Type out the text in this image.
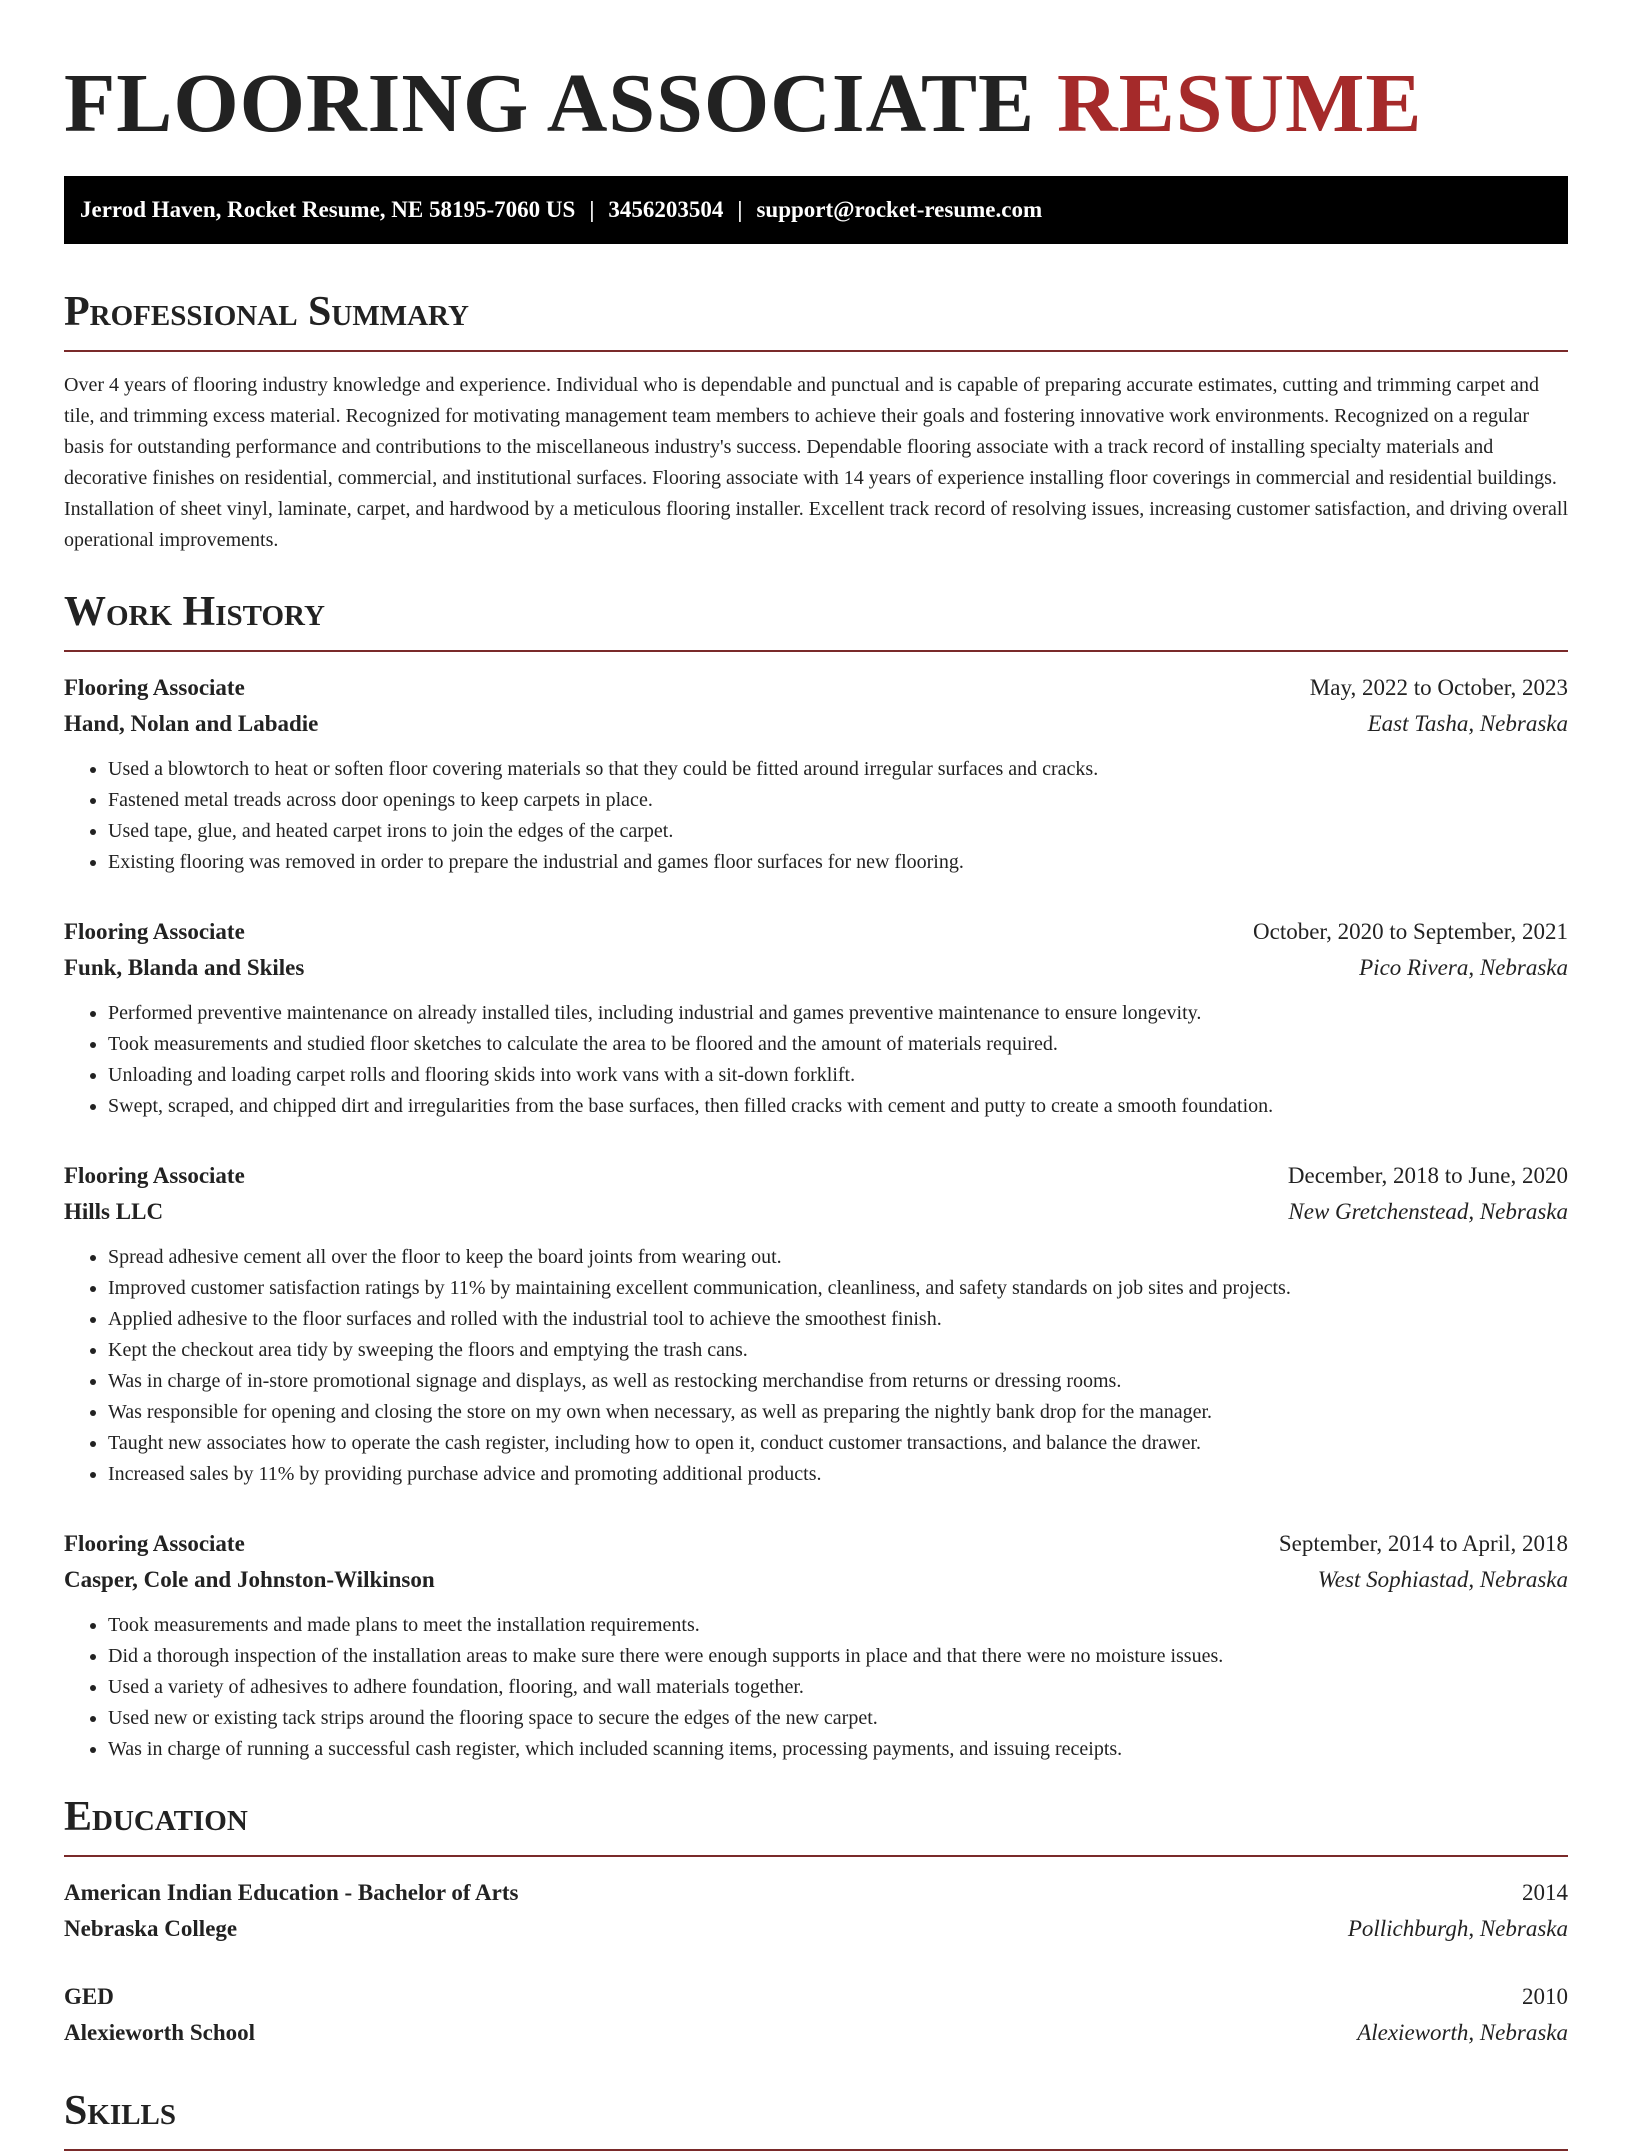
FLOORING ASSOCIATE RESUME
Jerrod Haven, Rocket Resume, NE 58195-7060 US | 3456203504 | support@rocket-resume.com
Professional Summary

Over 4 years of flooring industry knowledge and experience. Individual who is dependable and punctual and is capable of preparing accurate estimates, cutting and trimming carpet and tile, and trimming excess material. Recognized for motivating management team members to achieve their goals and fostering innovative work environments. Recognized on a regular basis for outstanding performance and contributions to the miscellaneous industry's success. Dependable flooring associate with a track record of installing specialty materials and decorative finishes on residential, commercial, and institutional surfaces. Flooring associate with 14 years of experience installing floor coverings in commercial and residential buildings. Installation of sheet vinyl, laminate, carpet, and hardwood by a meticulous flooring installer. Excellent track record of resolving issues, increasing customer satisfaction, and driving overall operational improvements.

Work History
Flooring Associate	May, 2022 to October, 2023
Hand, Nolan and Labadie	East Tasha, Nebraska
• Used a blowtorch to heat or soften floor covering materials so that they could be fitted around irregular surfaces and cracks.
• Fastened metal treads across door openings to keep carpets in place.
• Used tape, glue, and heated carpet irons to join the edges of the carpet.
• Existing flooring was removed in order to prepare the industrial and games floor surfaces for new flooring.
Flooring Associate	October, 2020 to September, 2021
Funk, Blanda and Skiles	Pico Rivera, Nebraska
• Performed preventive maintenance on already installed tiles, including industrial and games preventive maintenance to ensure longevity.
• Took measurements and studied floor sketches to calculate the area to be floored and the amount of materials required.
• Unloading and loading carpet rolls and flooring skids into work vans with a sit-down forklift.
• Swept, scraped, and chipped dirt and irregularities from the base surfaces, then filled cracks with cement and putty to create a smooth foundation.
Flooring Associate	December, 2018 to June, 2020
Hills LLC	New Gretchenstead, Nebraska
• Spread adhesive cement all over the floor to keep the board joints from wearing out.
• Improved customer satisfaction ratings by 11% by maintaining excellent communication, cleanliness, and safety standards on job sites and projects.
• Applied adhesive to the floor surfaces and rolled with the industrial tool to achieve the smoothest finish.
• Kept the checkout area tidy by sweeping the floors and emptying the trash cans.
• Was in charge of in-store promotional signage and displays, as well as restocking merchandise from returns or dressing rooms.
• Was responsible for opening and closing the store on my own when necessary, as well as preparing the nightly bank drop for the manager.
• Taught new associates how to operate the cash register, including how to open it, conduct customer transactions, and balance the drawer.
• Increased sales by 11% by providing purchase advice and promoting additional products.
Flooring Associate	September, 2014 to April, 2018
Casper, Cole and Johnston-Wilkinson	West Sophiastad, Nebraska
• Took measurements and made plans to meet the installation requirements.
• Did a thorough inspection of the installation areas to make sure there were enough supports in place and that there were no moisture issues.
• Used a variety of adhesives to adhere foundation, flooring, and wall materials together.
• Used new or existing tack strips around the flooring space to secure the edges of the new carpet.
• Was in charge of running a successful cash register, which included scanning items, processing payments, and issuing receipts.
Education
American Indian Education - Bachelor of Arts	2014
Nebraska College	Pollichburgh, Nebraska
GED	2010
Alexieworth School	Alexieworth, Nebraska
Skills
